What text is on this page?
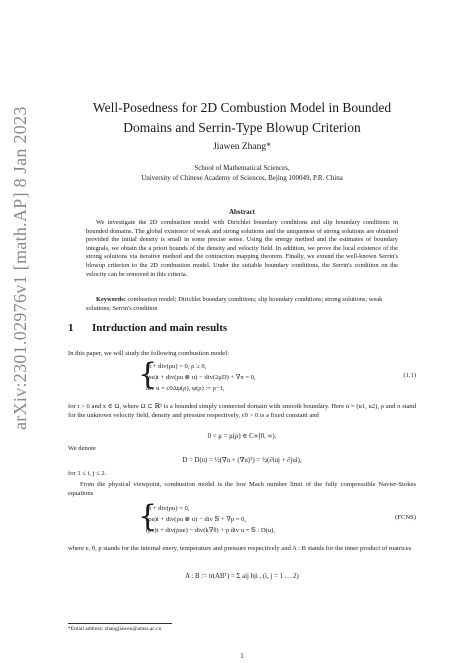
arXiv:2301.02976v1 [math.AP] 8 Jan 2023	Well-Posedness for 2D Combustion Model in Bounded Domains and Serrin-Type Blowup Criterion
Jiawen Zhang*
School of Mathematical Sciences,
University of Chinese Academy of Sciences, Bejing 100049, P.R. China
Abstract
We investigate the 2D combustion model with Dirichlet boundary conditions and slip boundary conditions in bounded domains. The global existence of weak and strong solutions and the uniqueness of strong solutions are obtained provided the initial density is small in some precise sense. Using the energy method and the estimates of boundary integrals, we obtain the a priori bounds of the density and velocity field. In addition, we prove the local existence of the strong solutions via iterative method and the contraction mapping theorem. Finally, we extend the well-known Serrin's blowup criterion to the 2D combustion model. Under the suitable boundary conditions, the Serrin's condition on the velocity can be removed in this criteria.
Keywords: combustion model; Dirichlet boundary conditions; slip boundary conditions; strong solutions; weak solutions; Serrin's condition
1 Intrduction and main results
In this paper, we will study the following combustion model:
{
ρt + div(ρu) = 0, ρ ≥ 0,
(ρu)t + div(ρu ⊗ u) − div(2μD) + ∇π = 0,
div u = c0Δψ(ρ), ψ(ρ) := ρ−1,
(1.1)
for t > 0 and x ∈ Ω, where Ω ⊂ ℝ² is a bounded simply connected domain with smooth boundary. Here u = (u1, u2), ρ and π stand for the unknown velocity field, density and pressure respectively, c0 > 0 is a fixed constant and
0 < μ = μ(ρ) ∈ C∞[0, ∞).
We denote
D = D(u) = ½(∇u + (∇u)ᵀ) = ½(∂iuj + ∂jui),
for 1 ≤ i, j ≤ 2.
From the physical viewpoint, combustion model is the low Mach number limit of the fully compressible Navier-Stokes equations
{
ρt + div(ρu) = 0,
(ρu)t + div(ρu ⊗ u) − div 𝕊 + ∇p = 0,
(ρe)t + div(ρue) − div(k∇θ) + p div u = 𝕊 : D(u),
(FCNS)
where e, θ, p stands for the internal enery, temperature and pressure respectively and A : B stands for the inner product of matrices
A : B := tr(ABᵀ) = Σ aij bji , (i, j = 1 … 2)
*Email address: zhangjiawen@amss.ac.cn
1
